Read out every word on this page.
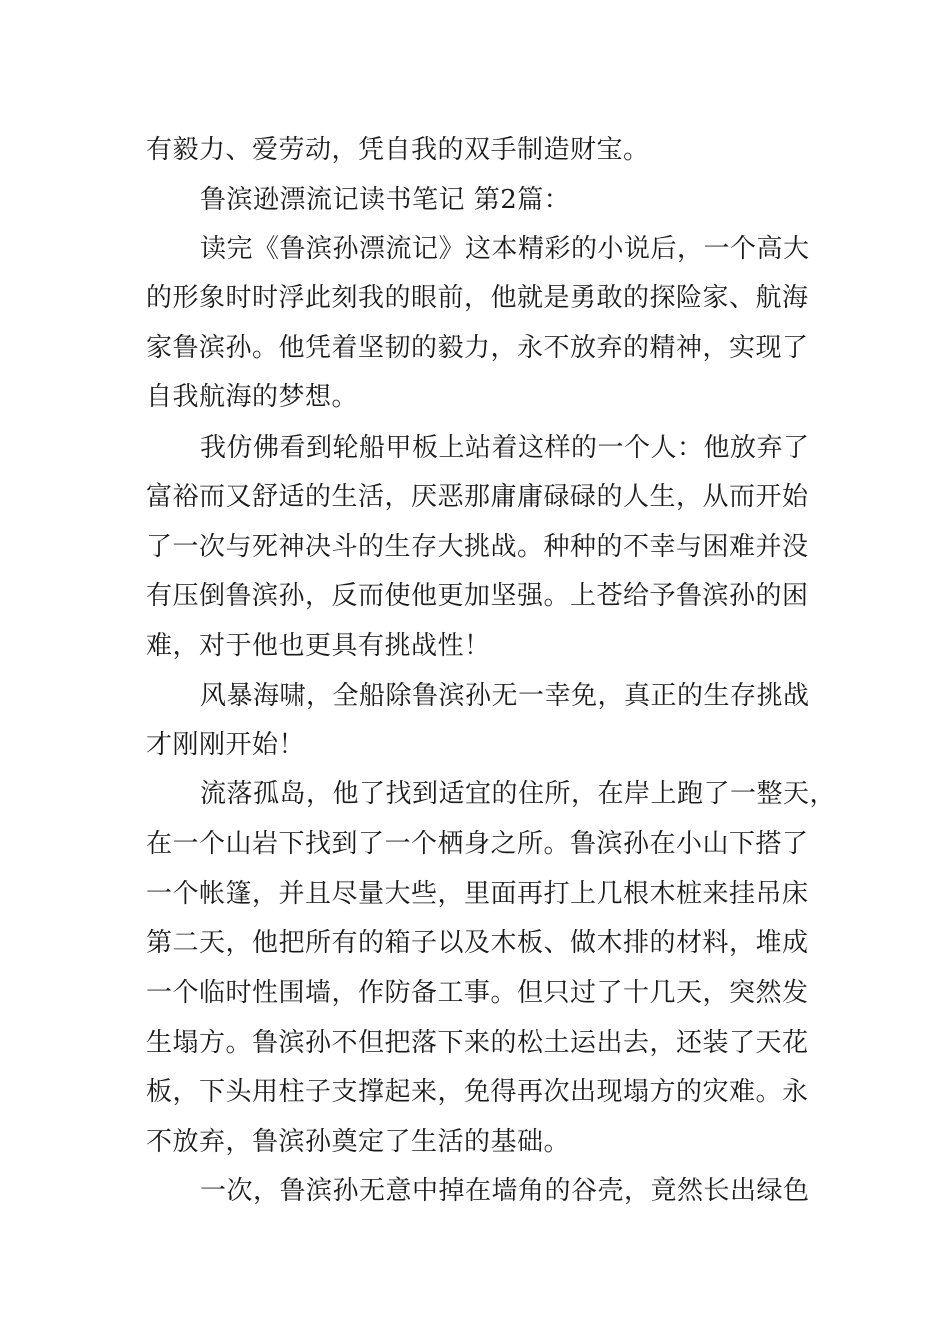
有毅力、爱劳动，凭自我的双手制造财宝。
鲁滨逊漂流记读书笔记 第2篇：
读完《鲁滨孙漂流记》这本精彩的小说后，一个高大
的形象时时浮此刻我的眼前，他就是勇敢的探险家、航海
家鲁滨孙。他凭着坚韧的毅力，永不放弃的精神，实现了
自我航海的梦想。
我仿佛看到轮船甲板上站着这样的一个人：他放弃了
富裕而又舒适的生活，厌恶那庸庸碌碌的人生，从而开始
了一次与死神决斗的生存大挑战。种种的不幸与困难并没
有压倒鲁滨孙，反而使他更加坚强。上苍给予鲁滨孙的困
难，对于他也更具有挑战性！
风暴海啸，全船除鲁滨孙无一幸免，真正的生存挑战
才刚刚开始！
流落孤岛，他了找到适宜的住所，在岸上跑了一整天，
在一个山岩下找到了一个栖身之所。鲁滨孙在小山下搭了
一个帐篷，并且尽量大些，里面再打上几根木桩来挂吊床
第二天，他把所有的箱子以及木板、做木排的材料，堆成
一个临时性围墙，作防备工事。但只过了十几天，突然发
生塌方。鲁滨孙不但把落下来的松土运出去，还装了天花
板，下头用柱子支撑起来，免得再次出现塌方的灾难。永
不放弃，鲁滨孙奠定了生活的基础。
一次，鲁滨孙无意中掉在墙角的谷壳，竟然长出绿色
